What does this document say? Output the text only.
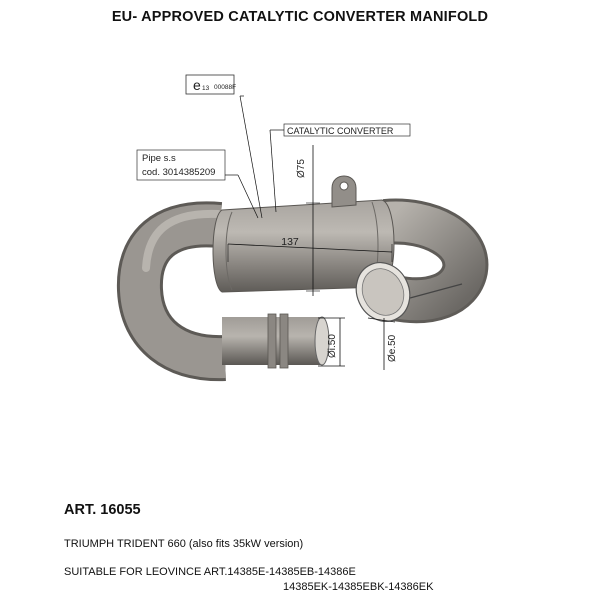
EU- APPROVED CATALYTIC CONVERTER MANIFOLD
137
Ø75
Øi.50	Øe.50
e 13 00088F
CATALYTIC CONVERTER
Pipe s.s
cod. 3014385209
ART. 16055
TRIUMPH TRIDENT 660 (also fits 35kW version)
SUITABLE FOR LEOVINCE ART.14385E-14385EB-14386E
14385EK-14385EBK-14386EK
